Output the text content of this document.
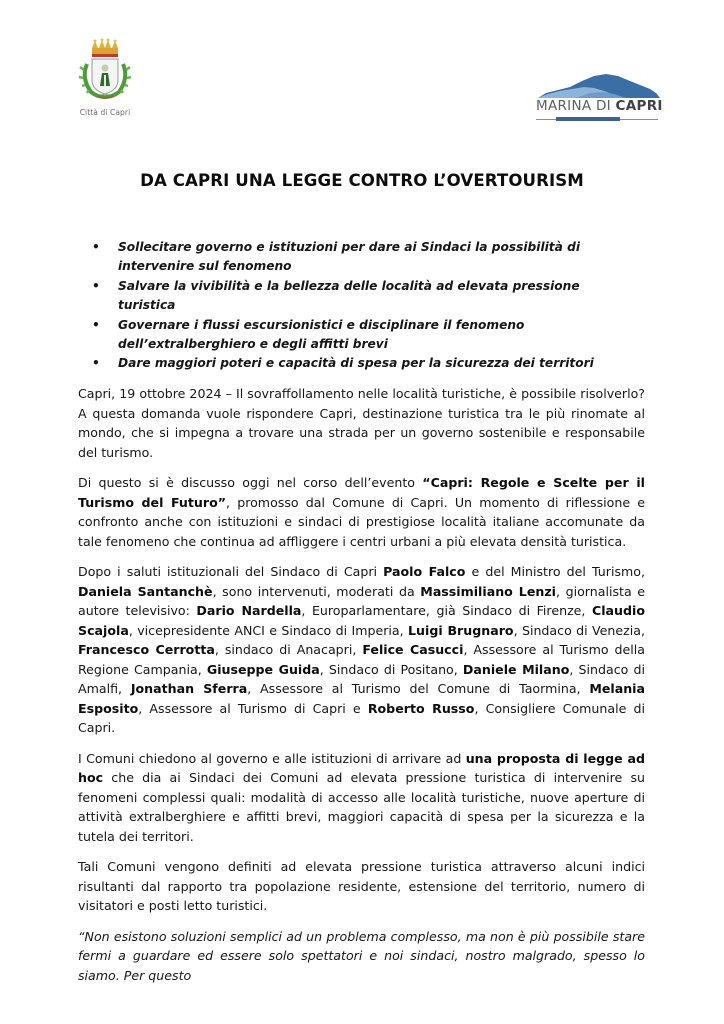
Città di Capri	MARINA DI CAPRI
DA CAPRI UNA LEGGE CONTRO L’OVERTOURISM
• Sollecitare governo e istituzioni per dare ai Sindaci la possibilità di intervenire sul fenomeno
• Salvare la vivibilità e la bellezza delle località ad elevata pressione turistica
• Governare i flussi escursionistici e disciplinare il fenomeno dell’extralberghiero e degli affitti brevi
• Dare maggiori poteri e capacità di spesa per la sicurezza dei territori

Capri, 19 ottobre 2024 – Il sovraffollamento nelle località turistiche, è possibile risolverlo? A questa domanda vuole rispondere Capri, destinazione turistica tra le più rinomate al mondo, che si impegna a trovare una strada per un governo sostenibile e responsabile del turismo.

Di questo si è discusso oggi nel corso dell’evento “Capri: Regole e Scelte per il Turismo del Futuro”, promosso dal Comune di Capri. Un momento di riflessione e confronto anche con istituzioni e sindaci di prestigiose località italiane accomunate da tale fenomeno che continua ad affliggere i centri urbani a più elevata densità turistica.

Dopo i saluti istituzionali del Sindaco di Capri Paolo Falco e del Ministro del Turismo, Daniela Santanchè, sono intervenuti, moderati da Massimiliano Lenzi, giornalista e autore televisivo: Dario Nardella, Europarlamentare, già Sindaco di Firenze, Claudio Scajola, vicepresidente ANCI e Sindaco di Imperia, Luigi Brugnaro, Sindaco di Venezia, Francesco Cerrotta, sindaco di Anacapri, Felice Casucci, Assessore al Turismo della Regione Campania, Giuseppe Guida, Sindaco di Positano, Daniele Milano, Sindaco di Amalfi, Jonathan Sferra, Assessore al Turismo del Comune di Taormina, Melania Esposito, Assessore al Turismo di Capri e Roberto Russo, Consigliere Comunale di Capri.

I Comuni chiedono al governo e alle istituzioni di arrivare ad una proposta di legge ad hoc che dia ai Sindaci dei Comuni ad elevata pressione turistica di intervenire su fenomeni complessi quali: modalità di accesso alle località turistiche, nuove aperture di attività extralberghiere e affitti brevi, maggiori capacità di spesa per la sicurezza e la tutela dei territori.

Tali Comuni vengono definiti ad elevata pressione turistica attraverso alcuni indici risultanti dal rapporto tra popolazione residente, estensione del territorio, numero di visitatori e posti letto turistici.

“Non esistono soluzioni semplici ad un problema complesso, ma non è più possibile stare fermi a guardare ed essere solo spettatori e noi sindaci, nostro malgrado, spesso lo siamo. Per questo
